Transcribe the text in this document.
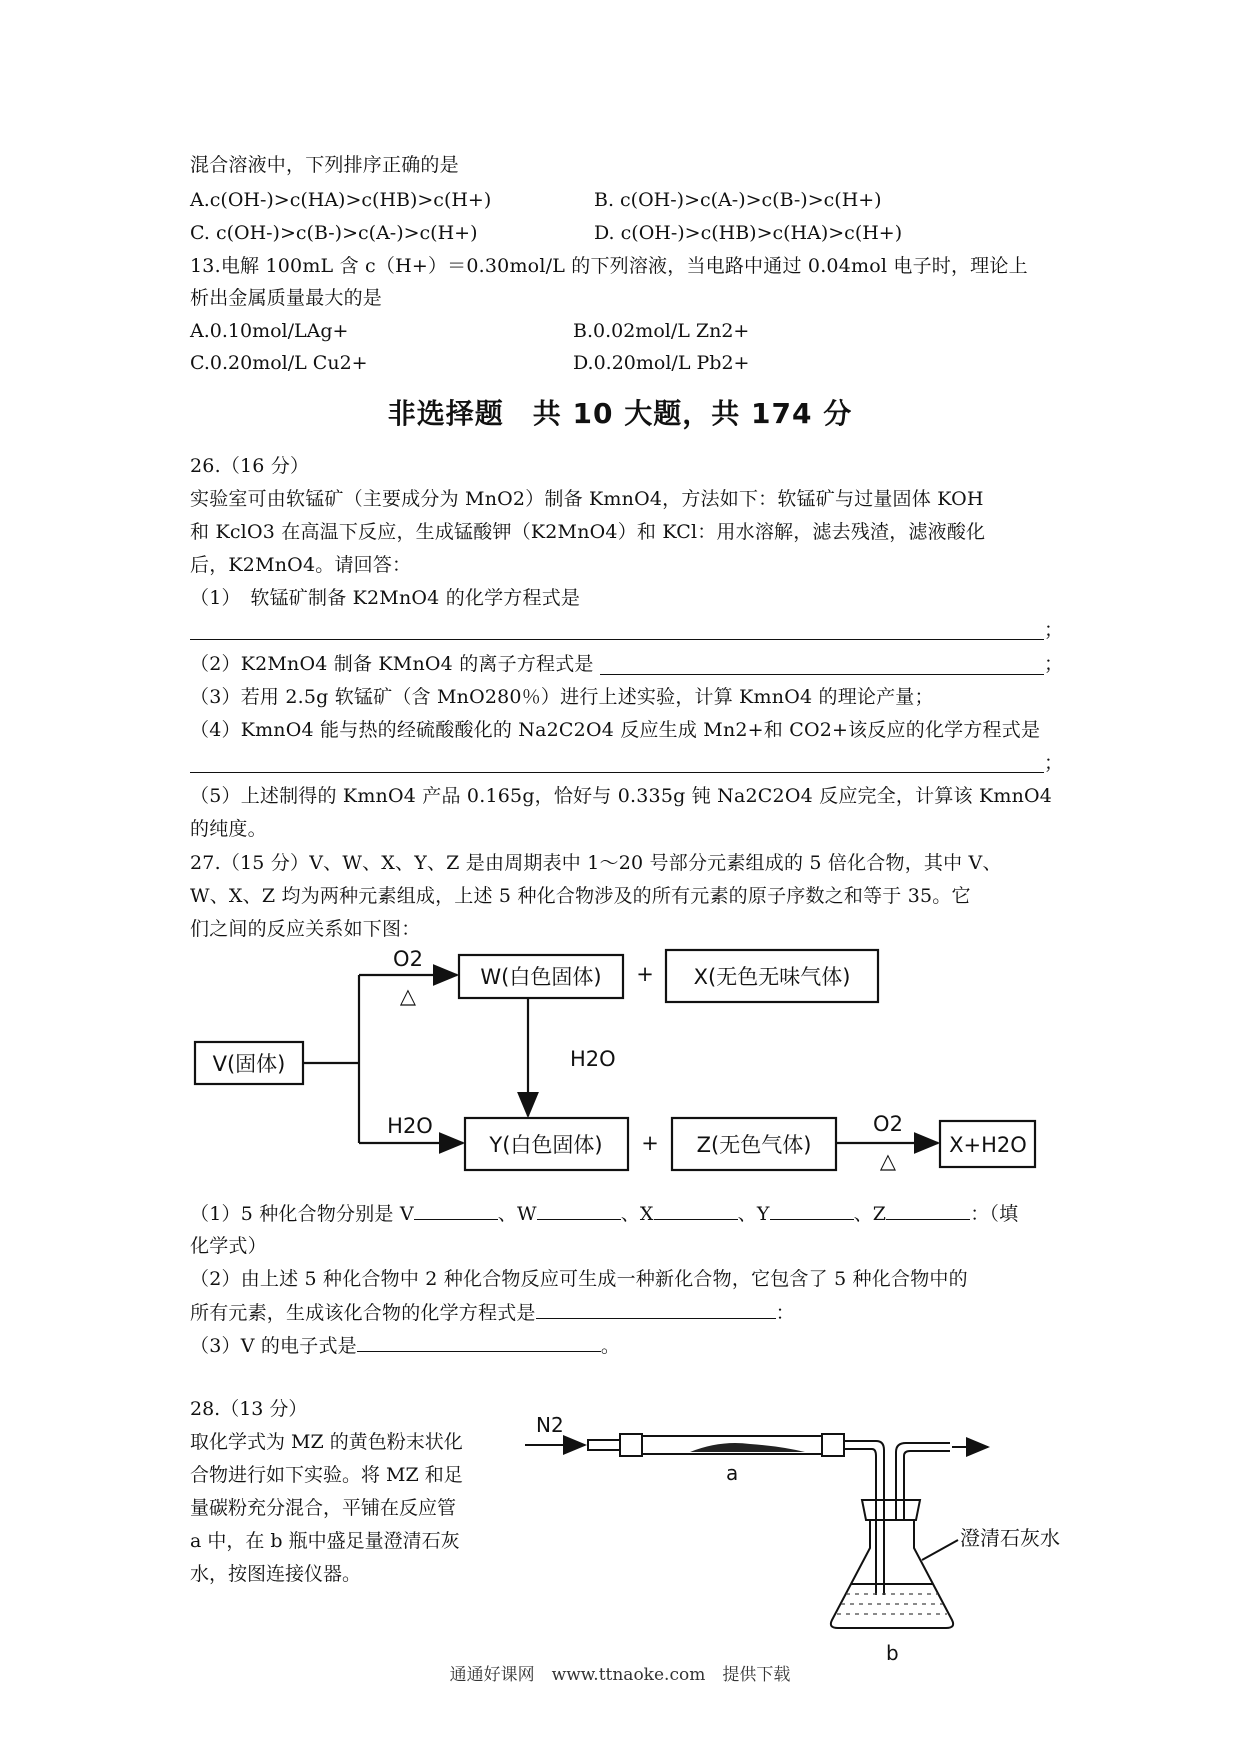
混合溶液中，下列排序正确的是
A.c(OH-)>c(HA)>c(HB)>c(H+)	B. c(OH-)>c(A-)>c(B-)>c(H+)
C. c(OH-)>c(B-)>c(A-)>c(H+)	D. c(OH-)>c(HB)>c(HA)>c(H+)
13.电解 100mL 含 c（H+）＝0.30mol/L 的下列溶液，当电路中通过 0.04mol 电子时，理论上
析出金属质量最大的是
A.0.10mol/LAg+	B.0.02mol/L Zn2+
C.0.20mol/L Cu2+	D.0.20mol/L Pb2+
非选择题　共 10 大题，共 174 分
26.（16 分）
实验室可由软锰矿（主要成分为 MnO2）制备 KmnO4，方法如下：软锰矿与过量固体 KOH
和 KclO3 在高温下反应，生成锰酸钾（K2MnO4）和 KCl：用水溶解，滤去残渣，滤液酸化
后，K2MnO4。请回答：
（1）　软锰矿制备 K2MnO4 的化学方程式是
；
（2）K2MnO4 制备 KMnO4 的离子方程式是	；
（3）若用 2.5g 软锰矿（含 MnO280％）进行上述实验，计算 KmnO4 的理论产量；
（4）KmnO4 能与热的经硫酸酸化的 Na2C2O4 反应生成 Mn2+和 CO2+该反应的化学方程式是
；
（5）上述制得的 KmnO4 产品 0.165g，恰好与 0.335g 钝 Na2C2O4 反应完全，计算该 KmnO4
的纯度。
27.（15 分）V、W、X、Y、Z 是由周期表中 1～20 号部分元素组成的 5 倍化合物，其中 V、
W、X、Z 均为两种元素组成，上述 5 种化合物涉及的所有元素的原子序数之和等于 35。它
们之间的反应关系如下图：
V(固体)
W(白色固体)	X(无色无味气体)
Y(白色固体)	Z(无色气体)	X+H2O
+
+
O2
△
H2O
H2O	O2
△
（1）5 种化合物分别是 V	、W	、X	、Y	、Z	：（填
化学式）
（2）由上述 5 种化合物中 2 种化合物反应可生成一种新化合物，它包含了 5 种化合物中的
所有元素，生成该化合物的化学方程式是	：
（3）V 的电子式是	。
28.（13 分）
取化学式为 MZ 的黄色粉末状化
合物进行如下实验。将 MZ 和足
量碳粉充分混合，平铺在反应管
a 中，在 b 瓶中盛足量澄清石灰
水，按图连接仪器。
N2
a
b
澄清石灰水
通通好课网　www.ttnaoke.com　提供下载
